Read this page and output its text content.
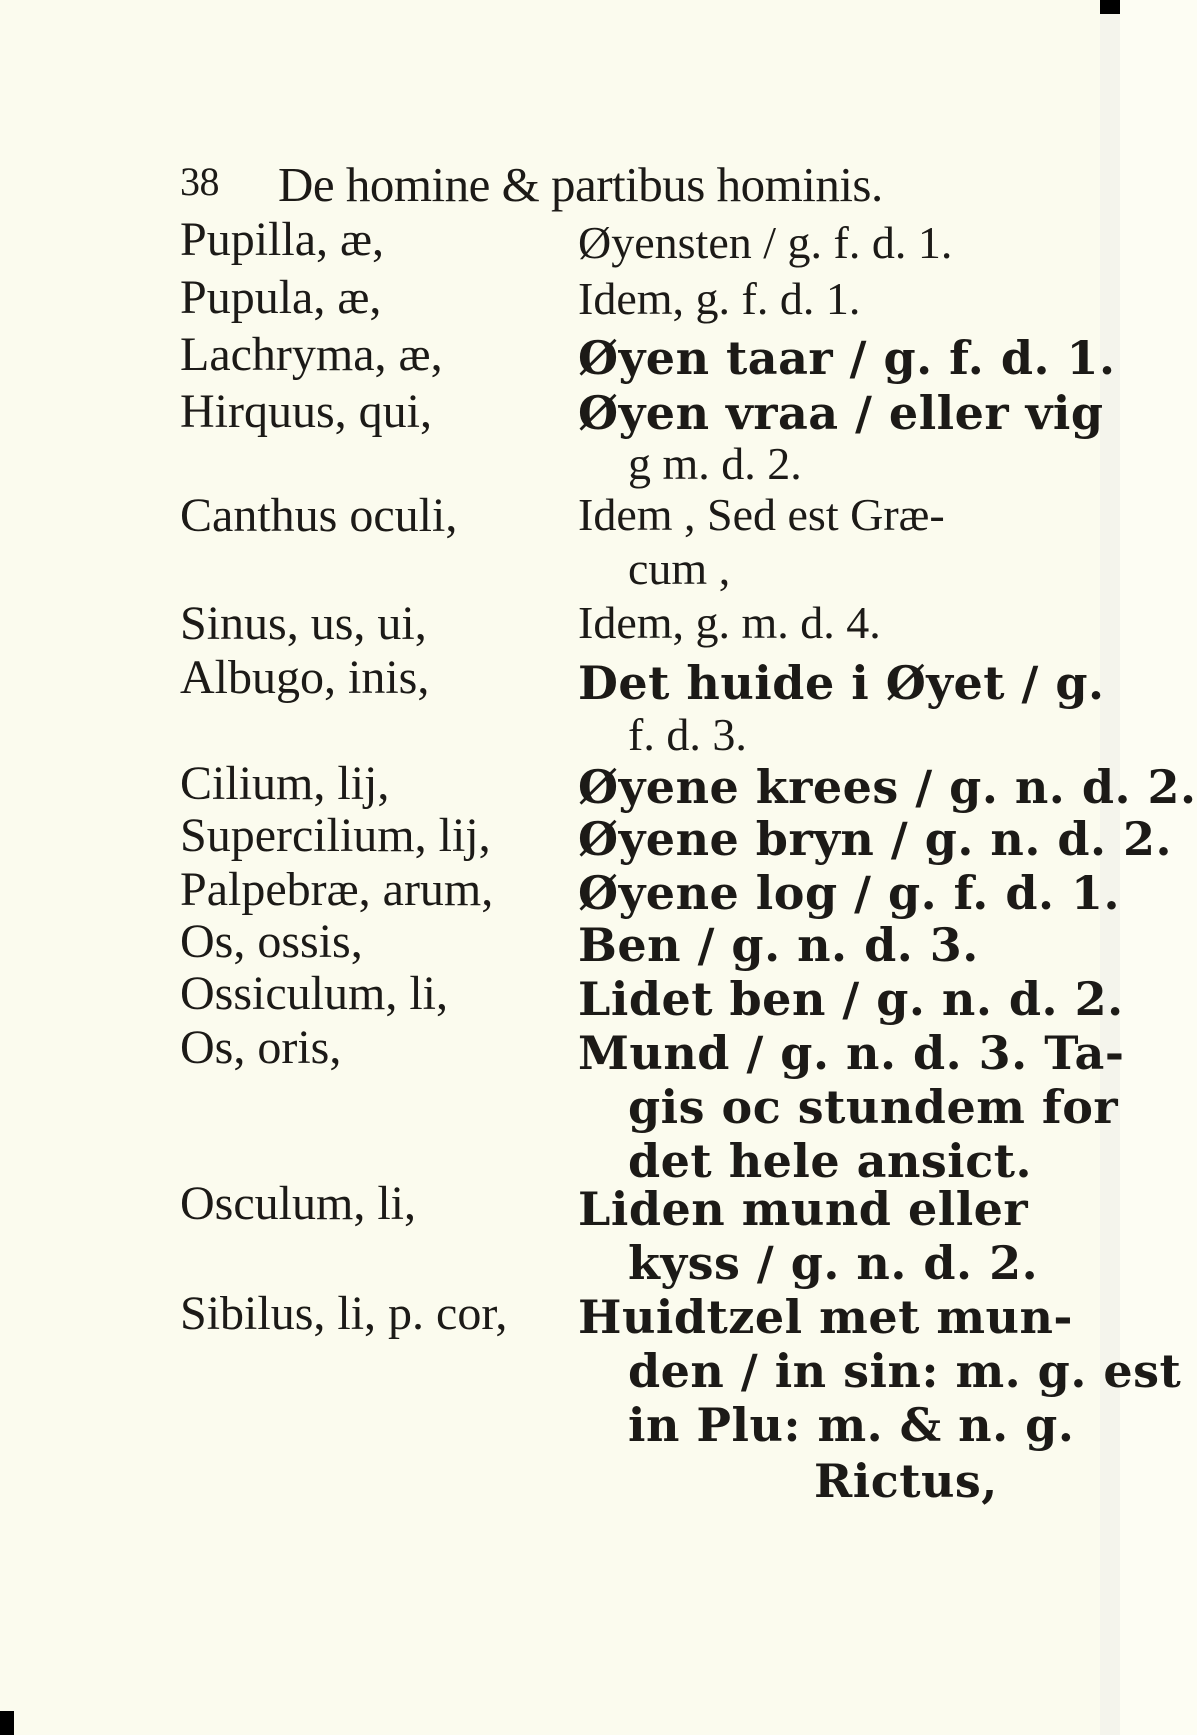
38 De homine & partibus hominis.
Pupilla, æ,	Øyensten / g. f. d. 1.
Pupula, æ,	Idem, g. f. d. 1.
Lachryma, æ,	Øyen taar / g. f. d. 1.
Hirquus, qui,	Øyen vraa / eller vig
g m. d. 2.
Canthus oculi,	Idem , Sed est Græ-
cum ,
Sinus, us, ui,	Idem, g. m. d. 4.
Albugo, inis,	Det huide i Øyet / g.
f. d. 3.
Cilium, lij,	Øyene krees / g. n. d. 2.
Supercilium, lij, Øyene bryn / g. n. d. 2.
Palpebræ, arum, Øyene log / g. f. d. 1.
Os, ossis,	Ben / g. n. d. 3.
Ossiculum, li,	Lidet ben / g. n. d. 2.
Os, oris,	Mund / g. n. d. 3. Ta-
gis oc stundem for
det hele ansict.
Osculum, li,	Liden mund eller
kyss / g. n. d. 2.
Sibilus, li, p. cor, Huidtzel met mun-
den / in sin: m. g. est
in Plu: m. & n. g.
Rictus,
